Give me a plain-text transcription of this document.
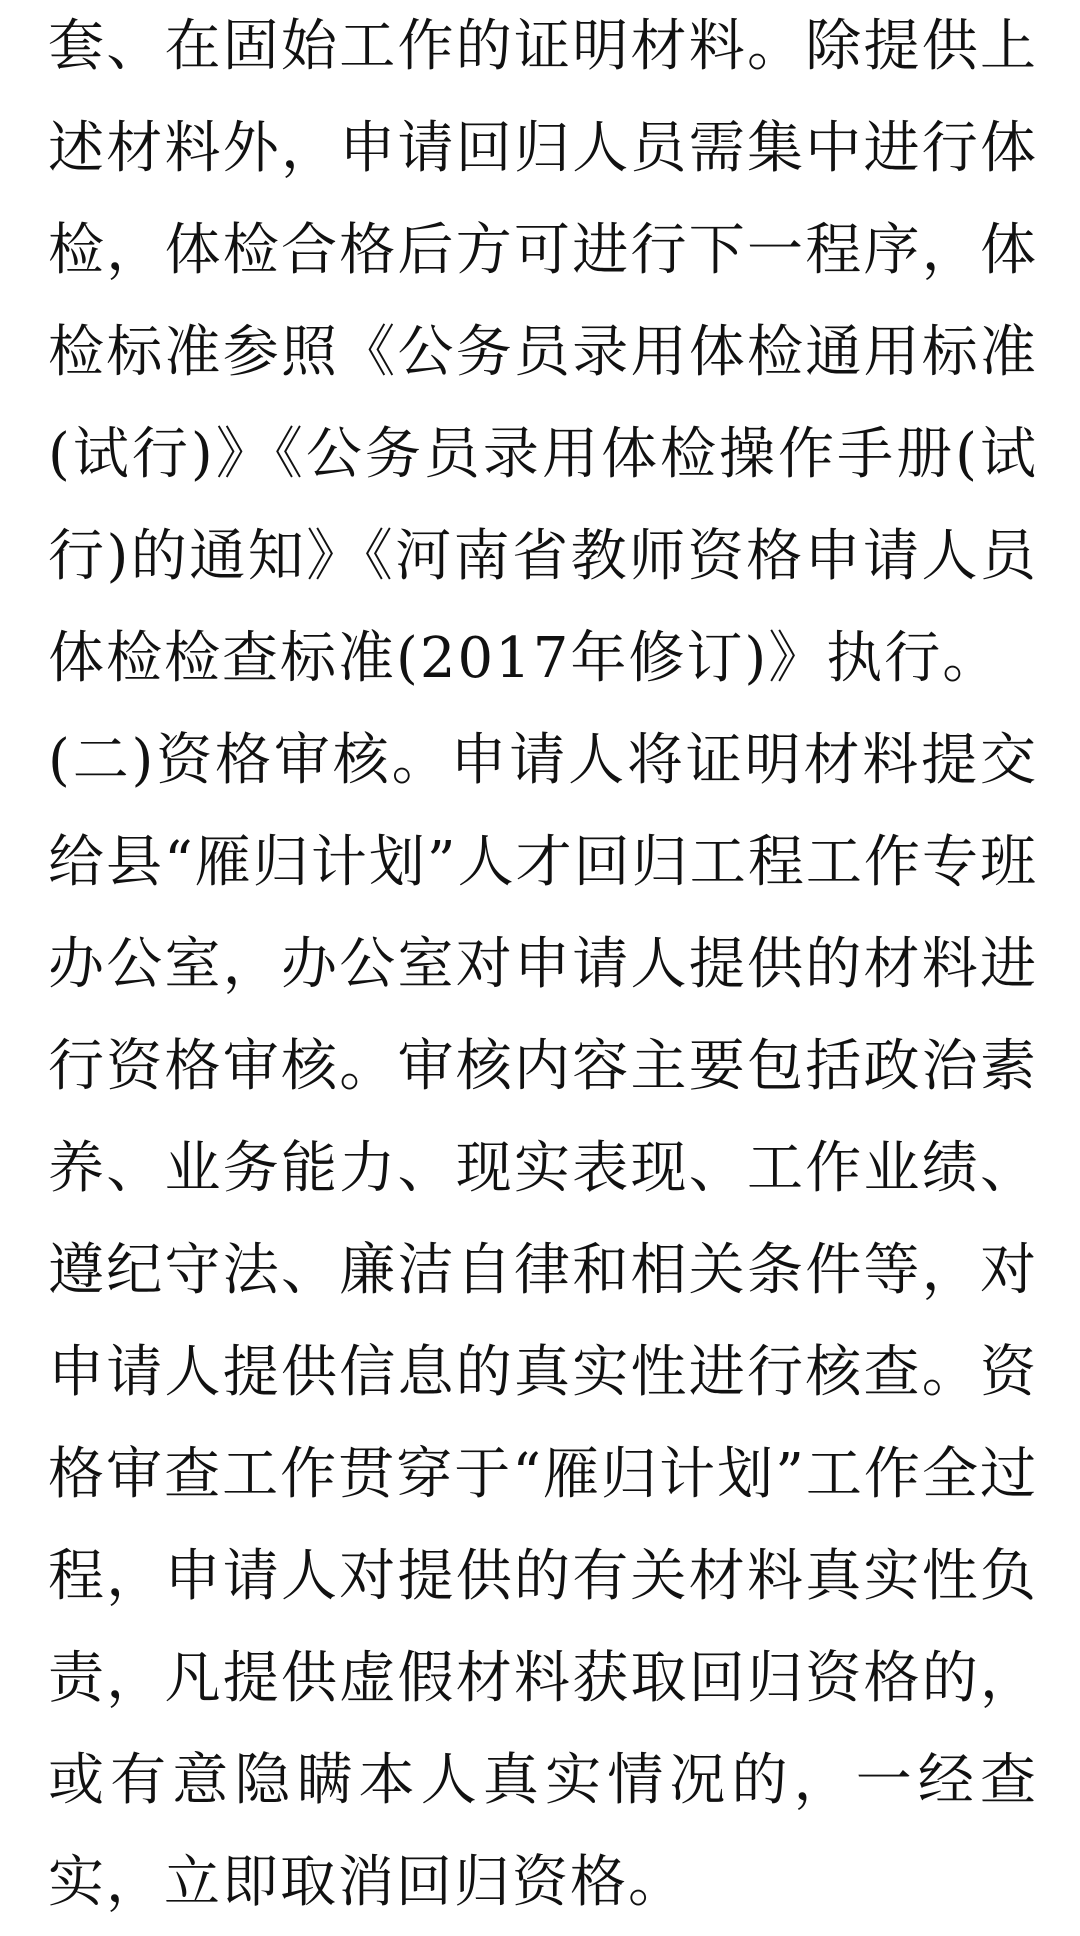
套、在固始工作的证明材料。除提供上
述材料外，申请回归人员需集中进行体
检，体检合格后方可进行下一程序，体
检标准参照《公务员录用体检通用标准
(试行)》《公务员录用体检操作手册(试
行)的通知》《河南省教师资格申请人员
体检检查标准(2017年修订)》执行。
(二)资格审核。申请人将证明材料提交
给县“雁归计划”人才回归工程工作专班
办公室，办公室对申请人提供的材料进
行资格审核。审核内容主要包括政治素
养、业务能力、现实表现、工作业绩、
遵纪守法、廉洁自律和相关条件等，对
申请人提供信息的真实性进行核查。资
格审查工作贯穿于“雁归计划”工作全过
程，申请人对提供的有关材料真实性负
责，凡提供虚假材料获取回归资格的，
或有意隐瞒本人真实情况的，一经查
实，立即取消回归资格。
